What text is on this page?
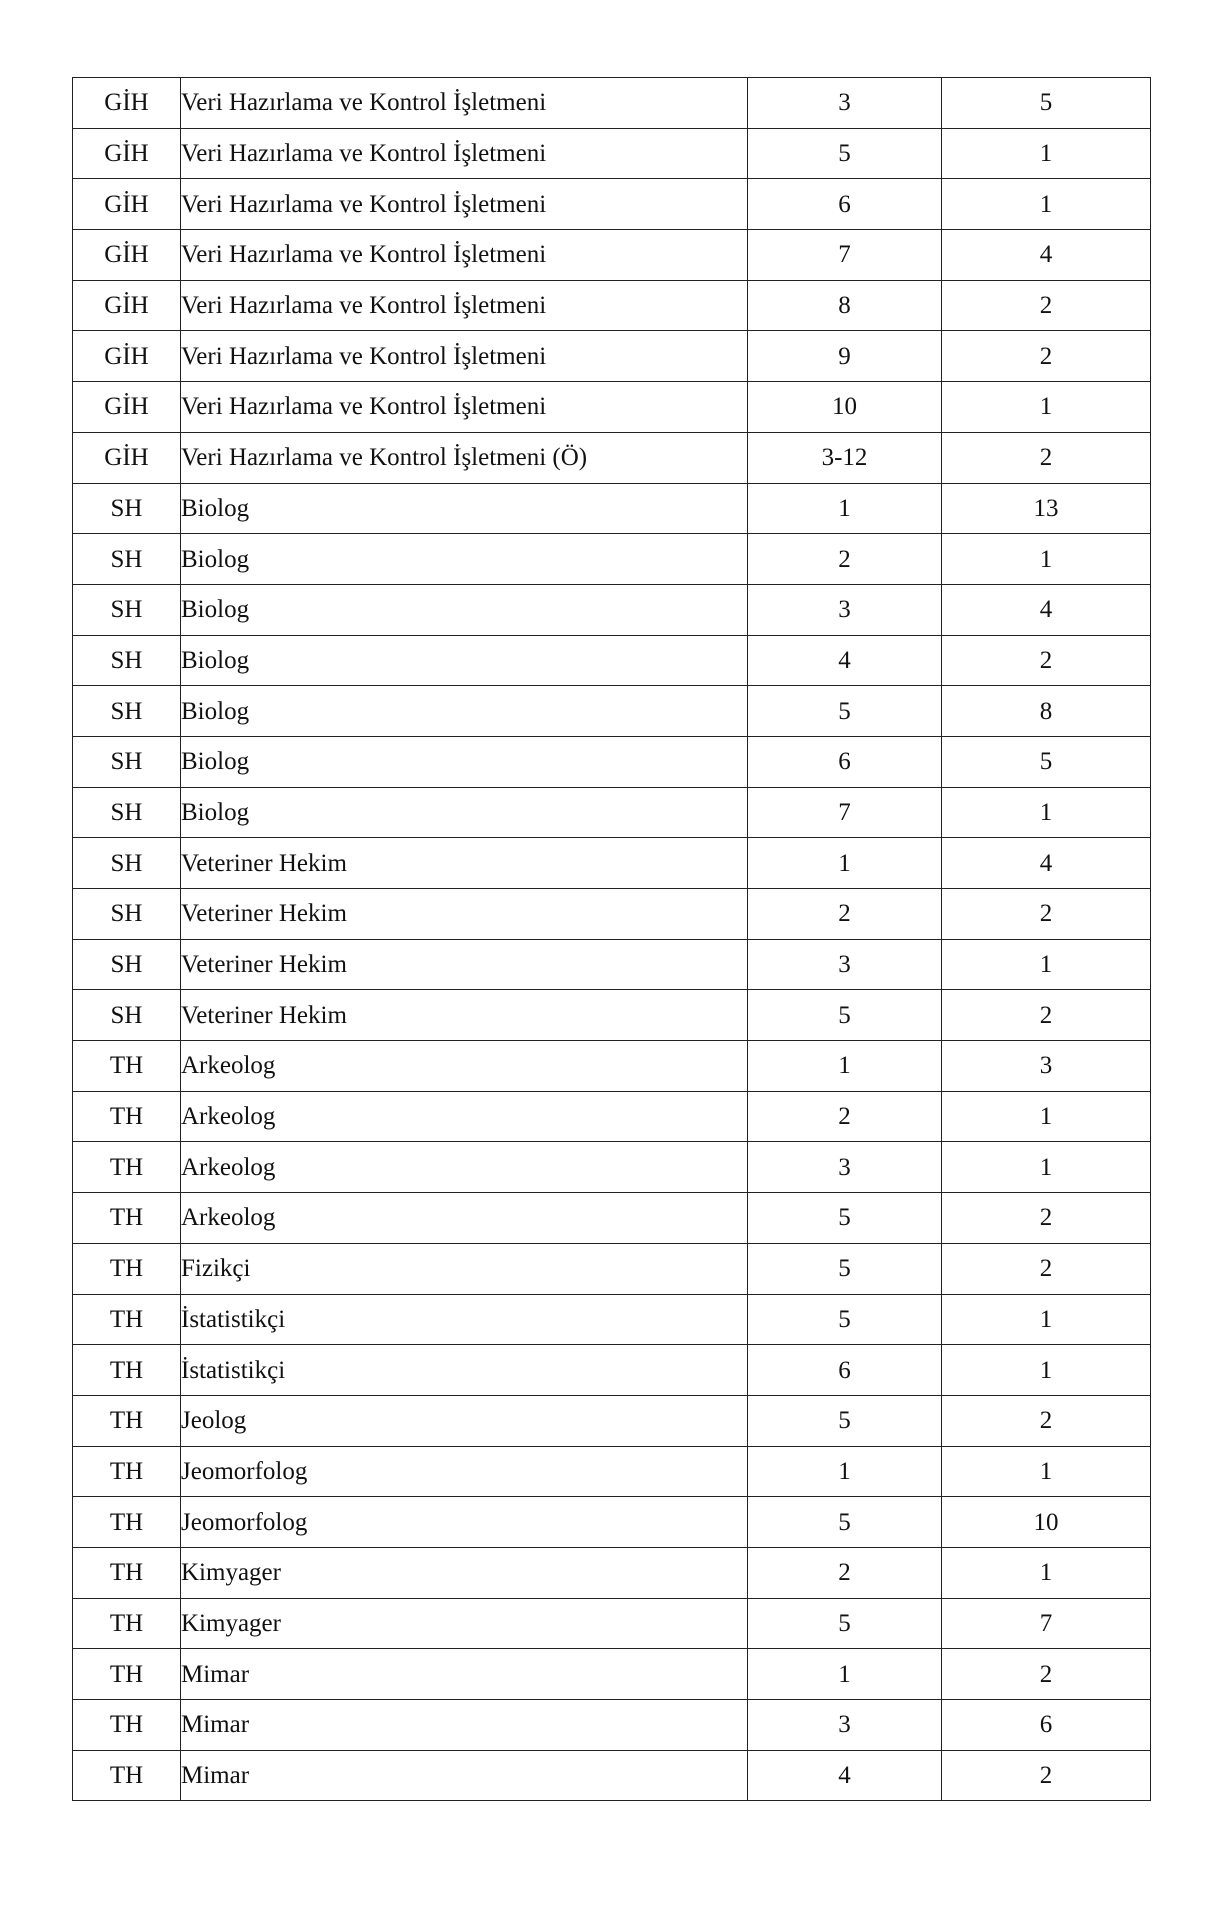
GİH	Veri Hazırlama ve Kontrol İşletmeni	3	5
GİH	Veri Hazırlama ve Kontrol İşletmeni	5	1
GİH	Veri Hazırlama ve Kontrol İşletmeni	6	1
GİH	Veri Hazırlama ve Kontrol İşletmeni	7	4
GİH	Veri Hazırlama ve Kontrol İşletmeni	8	2
GİH	Veri Hazırlama ve Kontrol İşletmeni	9	2
GİH	Veri Hazırlama ve Kontrol İşletmeni	10	1
GİH	Veri Hazırlama ve Kontrol İşletmeni (Ö)	3-12	2
SH	Biolog	1	13
SH	Biolog	2	1
SH	Biolog	3	4
SH	Biolog	4	2
SH	Biolog	5	8
SH	Biolog	6	5
SH	Biolog	7	1
SH	Veteriner Hekim	1	4
SH	Veteriner Hekim	2	2
SH	Veteriner Hekim	3	1
SH	Veteriner Hekim	5	2
TH	Arkeolog	1	3
TH	Arkeolog	2	1
TH	Arkeolog	3	1
TH	Arkeolog	5	2
TH	Fizikçi	5	2
TH	İstatistikçi	5	1
TH	İstatistikçi	6	1
TH	Jeolog	5	2
TH	Jeomorfolog	1	1
TH	Jeomorfolog	5	10
TH	Kimyager	2	1
TH	Kimyager	5	7
TH	Mimar	1	2
TH	Mimar	3	6
TH	Mimar	4	2
